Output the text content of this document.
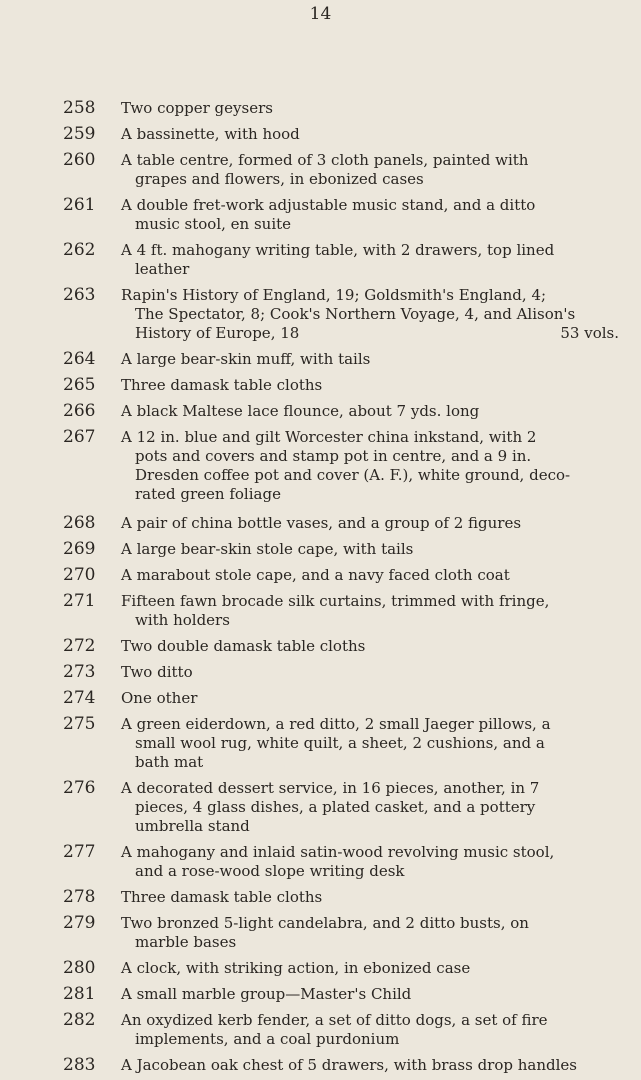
14
258	Two copper geysers
259	A bassinette, with hood
260	A table centre, formed of 3 cloth panels, painted with
grapes and flowers, in ebonized cases
261	A double fret-work adjustable music stand, and a ditto
music stool, en suite
262	A 4 ft. mahogany writing table, with 2 drawers, top lined
leather
263	Rapin's History of England, 19; Goldsmith's England, 4;
The Spectator, 8; Cook's Northern Voyage, 4, and Alison's
History of Europe, 18	53 vols.
264	A large bear-skin muff, with tails
265	Three damask table cloths
266	A black Maltese lace flounce, about 7 yds. long
267	A 12 in. blue and gilt Worcester china inkstand, with 2
pots and covers and stamp pot in centre, and a 9 in.
Dresden coffee pot and cover (A. F.), white ground, deco-
rated green foliage
268	A pair of china bottle vases, and a group of 2 figures
269	A large bear-skin stole cape, with tails
270	A marabout stole cape, and a navy faced cloth coat
271	Fifteen fawn brocade silk curtains, trimmed with fringe,
with holders
272	Two double damask table cloths
273	Two ditto
274	One other
275	A green eiderdown, a red ditto, 2 small Jaeger pillows, a
small wool rug, white quilt, a sheet, 2 cushions, and a
bath mat
276	A decorated dessert service, in 16 pieces, another, in 7
pieces, 4 glass dishes, a plated casket, and a pottery
umbrella stand
277	A mahogany and inlaid satin-wood revolving music stool,
and a rose-wood slope writing desk
278	Three damask table cloths
279	Two bronzed 5-light candelabra, and 2 ditto busts, on
marble bases
280	A clock, with striking action, in ebonized case
281	A small marble group—Master's Child
282	An oxydized kerb fender, a set of ditto dogs, a set of fire
implements, and a coal purdonium
283	A Jacobean oak chest of 5 drawers, with brass drop handles
